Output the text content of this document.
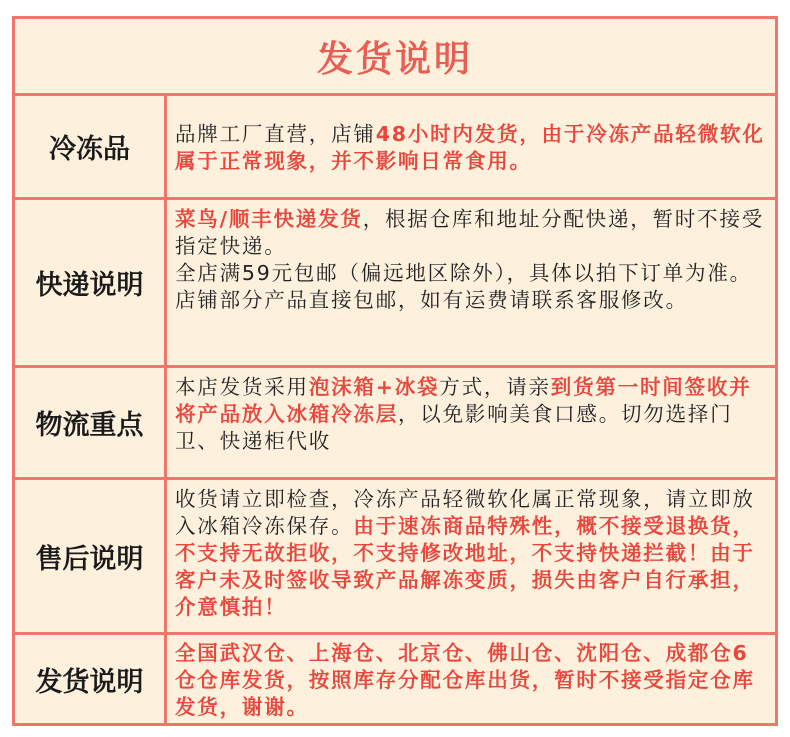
发货说明
冷冻品
品牌工厂直营，店铺48小时内发货，由于冷冻产品轻微软化属于正常现象，并不影响日常食用。
快递说明
菜鸟/顺丰快递发货，根据仓库和地址分配快递，暂时不接受指定快递。
全店满59元包邮（偏远地区除外），具体以拍下订单为准。店铺部分产品直接包邮，如有运费请联系客服修改。
物流重点
本店发货采用泡沫箱+冰袋方式，请亲到货第一时间签收并将产品放入冰箱冷冻层，以免影响美食口感。切勿选择门卫、快递柜代收
售后说明
收货请立即检查，冷冻产品轻微软化属正常现象，请立即放入冰箱冷冻保存。由于速冻商品特殊性，概不接受退换货，不支持无故拒收，不支持修改地址，不支持快递拦截！由于客户未及时签收导致产品解冻变质，损失由客户自行承担，介意慎拍！
发货说明
全国武汉仓、上海仓、北京仓、佛山仓、沈阳仓、成都仓6仓仓库发货，按照库存分配仓库出货，暂时不接受指定仓库发货，谢谢。
